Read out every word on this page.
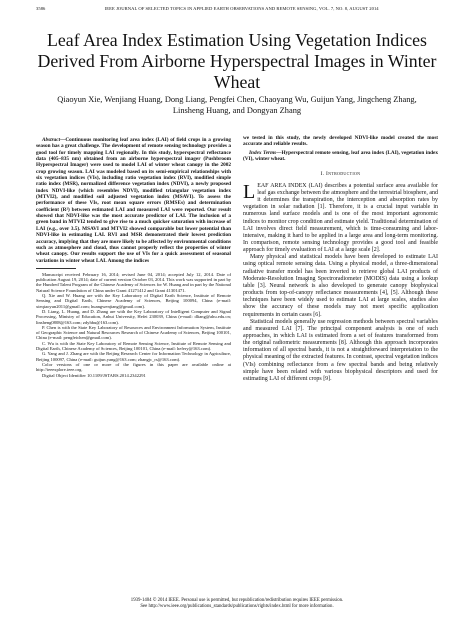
3586	IEEE JOURNAL OF SELECTED TOPICS IN APPLIED EARTH OBSERVATIONS AND REMOTE SENSING, VOL. 7, NO. 8, AUGUST 2014
Leaf Area Index Estimation Using Vegetation Indices Derived From Airborne Hyperspectral Images in Winter Wheat
Qiaoyun Xie, Wenjiang Huang, Dong Liang, Pengfei Chen, Chaoyang Wu, Guijun Yang, Jingcheng Zhang, Linsheng Huang, and Dongyan Zhang

Abstract—Continuous monitoring leaf area index (LAI) of field crops in a growing season has a great challenge. The development of remote sensing technology provides a good tool for timely mapping LAI regionally. In this study, hyperspectral reflectance data (405–835 nm) obtained from an airborne hyperspectral imager (Pushbroom Hyperspectral Imager) were used to model LAI of winter wheat canopy in the 2002 crop growing season. LAI was modeled based on its semi-empirical relationships with six vegetation indices (VIs), including ratio vegetation index (RVI), modified simple ratio index (MSR), normalized difference vegetation index (NDVI), a newly proposed index NDVI-like (which resembles NDVI), modified triangular vegetation index (MTVI2), and modified soil adjusted vegetation index (MSAVI). To assess the performance of these VIs, root mean square errors (RMSEs) and determination coefficient (R²) between estimated LAI and measured LAI were reported. Our result showed that NDVI-like was the most accurate predictor of LAI. The inclusion of a green band in MTVI2 tended to give rise to a much quicker saturation with increase of LAI (e.g., over 3.5). MSAVI and MTVI2 showed comparable but lower potential than NDVI-like in estimating LAI. RVI and MSR demonstrated their lowest prediction accuracy, implying that they are more likely to be affected by environmental conditions such as atmosphere and cloud, thus cannot properly reflect the properties of winter wheat canopy. Our results support the use of VIs for a quick assessment of seasonal variations in winter wheat LAI. Among the indices

Manuscript received February 16, 2014; revised June 04, 2014; accepted July 12, 2014. Date of publication August 19, 2014; date of current version October 03, 2014. This work was supported in part by the Hundred Talent Program of the Chinese Academy of Sciences for W. Huang and in part by the National Natural Science Foundation of China under Grant 41271412 and Grant 41301471.

Q. Xie and W. Huang are with the Key Laboratory of Digital Earth Science, Institute of Remote Sensing and Digital Earth, Chinese Academy of Sciences, Beijing 100094, China (e-mail: xieqiaoyun2011@gmail.com; huangwenjiang@gmail.com).

D. Liang, L. Huang, and D. Zhang are with the Key Laboratory of Intelligent Computer and Signal Processing, Ministry of Education, Anhui University, Hefei 230039, China (e-mail: dliang@ahu.edu.cn; linsheng0808@163.com; zdyhbu@163.com).

P. Chen is with the State Key Laboratory of Resources and Environment Information System, Institute of Geographic Science and Natural Resources Research of Chinese Academy of Sciences, Beijing 100101, China (e-mail: pengfeichen@gmail.com).

C. Wu is with the State Key Laboratory of Remote Sensing Science, Institute of Remote Sensing and Digital Earth, Chinese Academy of Sciences, Beijing 100101, China (e-mail: hefery@163.com).

G. Yang and J. Zhang are with the Beijing Research Center for Information Technology in Agriculture, Beijing 100097, China (e-mail: guijun.yang@163.com; zhangjc_rs@163.com).

Color versions of one or more of the figures in this paper are available online at http://ieeexplore.ieee.org.

Digital Object Identifier 10.1109/JSTARS.2014.2342291

we tested in this study, the newly developed NDVI-like model created the most accurate and reliable results.

Index Terms—Hyperspectral remote sensing, leaf area index (LAI), vegetation index (VI), winter wheat.

I. Introduction

LEAF AREA INDEX (LAI) describes a potential surface area available for leaf gas exchange between the atmosphere and the terrestrial biosphere, and it determines the transpiration, the interception and absorption rates by vegetation in solar radiation [1]. Therefore, it is a crucial input variable in numerous land surface models and is one of the most important agronomic indices to monitor crop condition and estimate yield. Traditional determination of LAI involves direct field measurement, which is time-consuming and labor-intensive, making it hard to be applied in a large area and long-term monitoring. In comparison, remote sensing technology provides a good tool and feasible approach for timely evaluation of LAI at a large scale [2].

Many physical and statistical models have been developed to estimate LAI using optical remote sensing data. Using a physical model, a three-dimensional radiative transfer model has been inverted to retrieve global LAI products of Moderate-Resolution Imaging Spectroradiometer (MODIS) data using a lookup table [3]. Neural network is also developed to generate canopy biophysical products from top-of-canopy reflectance measurements [4], [5]. Although these techniques have been widely used to estimate LAI at large scales, studies also show the accuracy of these models may not meet specific application requirements in certain cases [6].

Statistical models generally use regression methods between spectral variables and measured LAI [7]. The principal component analysis is one of such approaches, in which LAI is estimated from a set of features transformed from the original radiometric measurements [8]. Although this approach incorporates information of all spectral bands, it is not a straightforward interpretation to the physical meaning of the extracted features. In contrast, spectral vegetation indices (VIs) combining reflectance from a few spectral bands and being relatively simple have been related with various biophysical descriptors and used for estimating LAI of different crops [9].

1939-1404 © 2014 IEEE. Personal use is permitted, but republication/redistribution requires IEEE permission.
See http://www.ieee.org/publications_standards/publications/rights/index.html for more information.
